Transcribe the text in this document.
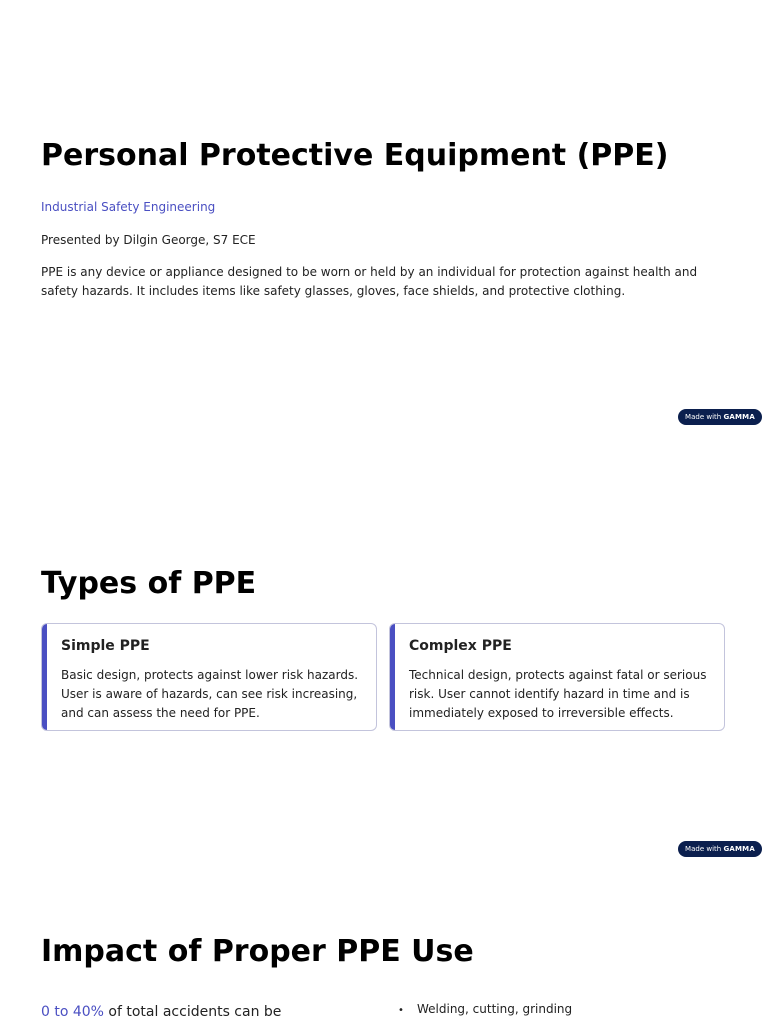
Personal Protective Equipment (PPE)
Industrial Safety Engineering
Presented by Dilgin George, S7 ECE

PPE is any device or appliance designed to be worn or held by an individual for protection against health and safety hazards. It includes items like safety glasses, gloves, face shields, and protective clothing.

Made with GAMMA
Types of PPE
Simple PPE

Basic design, protects against lower risk hazards. User is aware of hazards, can see risk increasing, and can assess the need for PPE.

Complex PPE

Technical design, protects against fatal or serious risk. User cannot identify hazard in time and is immediately exposed to irreversible effects.

Made with GAMMA
Impact of Proper PPE Use
0 to 40% of total accidents can be	• Welding, cutting, grinding
